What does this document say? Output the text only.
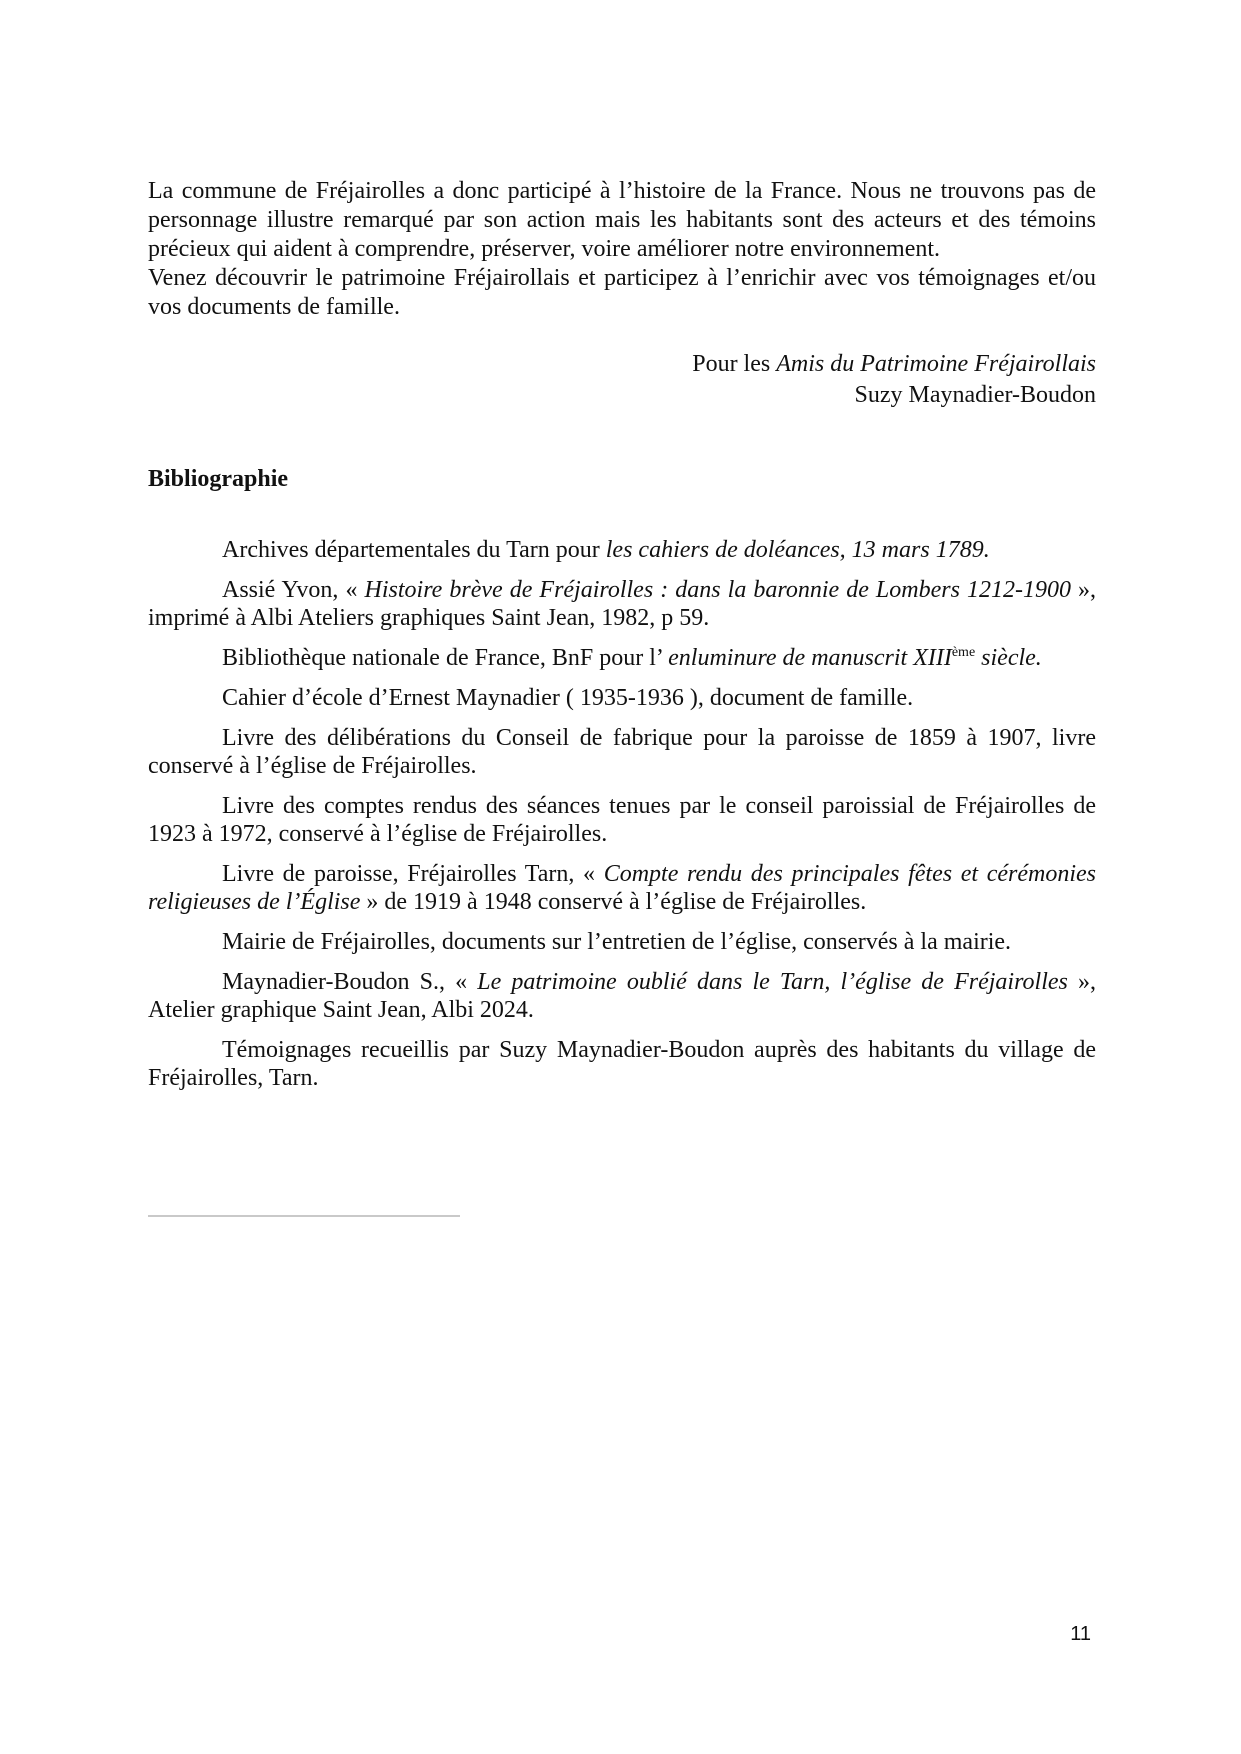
La commune de Fréjairolles a donc participé à l’histoire de la France. Nous ne trouvons pas de personnage illustre remarqué par son action mais les habitants sont des acteurs et des témoins précieux qui aident à comprendre, préserver, voire améliorer notre environnement.

Venez découvrir le patrimoine Fréjairollais et participez à l’enrichir avec vos témoignages et/ou vos documents de famille.

Pour les Amis du Patrimoine Fréjairollais
Suzy Maynadier-Boudon
Bibliographie

Archives départementales du Tarn pour les cahiers de doléances, 13 mars 1789.

Assié Yvon, « Histoire brève de Fréjairolles : dans la baronnie de Lombers 1212-1900 », imprimé à Albi Ateliers graphiques Saint Jean, 1982, p 59.

Bibliothèque nationale de France, BnF pour l’ enluminure de manuscrit XIIIème siècle.

Cahier d’école d’Ernest Maynadier ( 1935-1936 ), document de famille.

Livre des délibérations du Conseil de fabrique pour la paroisse de 1859 à 1907, livre conservé à l’église de Fréjairolles.

Livre des comptes rendus des séances tenues par le conseil paroissial de Fréjairolles de 1923 à 1972, conservé à l’église de Fréjairolles.

Livre de paroisse, Fréjairolles Tarn, « Compte rendu des principales fêtes et cérémonies religieuses de l’Église » de 1919 à 1948 conservé à l’église de Fréjairolles.

Mairie de Fréjairolles, documents sur l’entretien de l’église, conservés à la mairie.

Maynadier-Boudon S., « Le patrimoine oublié dans le Tarn, l’église de Fréjairolles », Atelier graphique Saint Jean, Albi 2024.

Témoignages recueillis par Suzy Maynadier-Boudon auprès des habitants du village de Fréjairolles, Tarn.

11
